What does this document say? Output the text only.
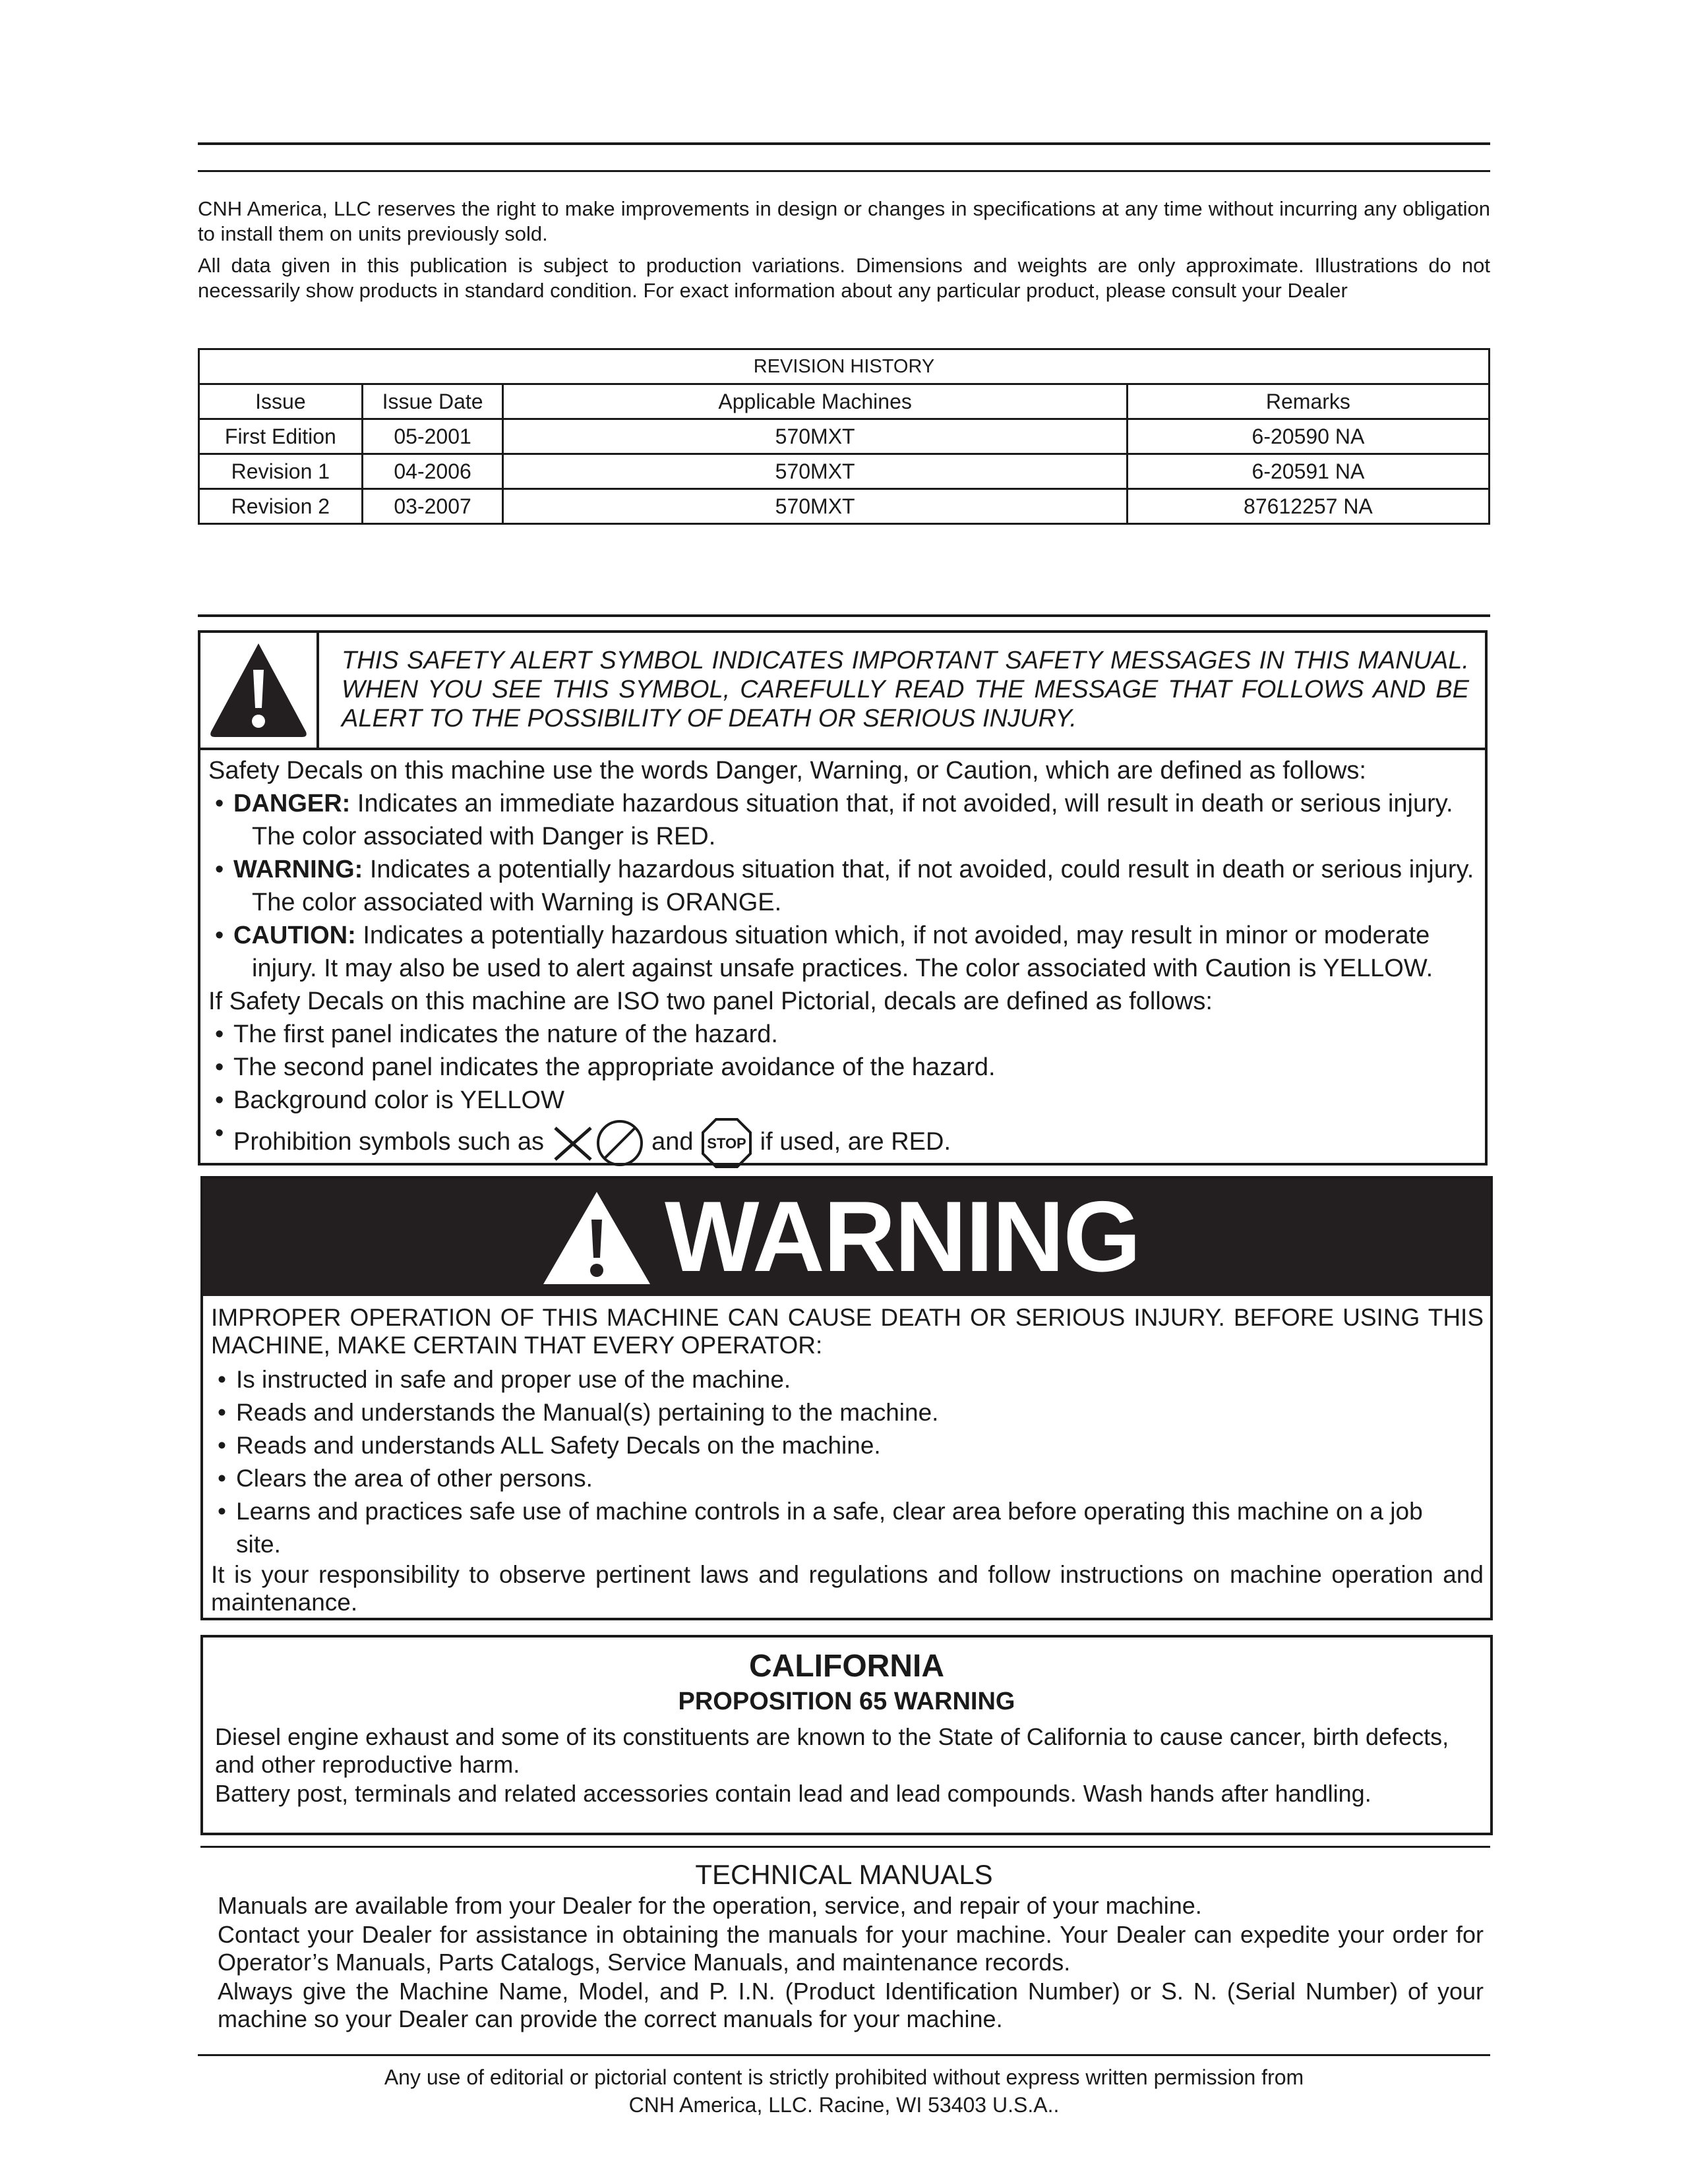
CNH America, LLC reserves the right to make improvements in design or changes in specifications at any time without incurring any obligation to install them on units previously sold.

All data given in this publication is subject to production variations. Dimensions and weights are only approximate. Illustrations do not necessarily show products in standard condition. For exact information about any particular product, please consult your Dealer

REVISION HISTORY			
Issue	Issue Date	Applicable Machines	Remarks
First Edition	05-2001	570MXT	6-20590 NA
Revision 1	04-2006	570MXT	6-20591 NA
Revision 2	03-2007	570MXT	87612257 NA
THIS SAFETY ALERT SYMBOL INDICATES IMPORTANT SAFETY MESSAGES IN THIS MANUAL. WHEN YOU SEE THIS SYMBOL, CAREFULLY READ THE MESSAGE THAT FOLLOWS AND BE ALERT TO THE POSSIBILITY OF DEATH OR SERIOUS INJURY.

Safety Decals on this machine use the words Danger, Warning, or Caution, which are defined as follows:

• DANGER: Indicates an immediate hazardous situation that, if not avoided, will result in death or serious injury.

The color associated with Danger is RED.

• WARNING: Indicates a potentially hazardous situation that, if not avoided, could result in death or serious injury.

The color associated with Warning is ORANGE.

• CAUTION: Indicates a potentially hazardous situation which, if not avoided, may result in minor or moderate

injury. It may also be used to alert against unsafe practices. The color associated with Caution is YELLOW.

If Safety Decals on this machine are ISO two panel Pictorial, decals are defined as follows:

• The first panel indicates the nature of the hazard.

• The second panel indicates the appropriate avoidance of the hazard.

• Background color is YELLOW

• Prohibition symbols such as	and STOP if used, are RED.

WARNING

IMPROPER OPERATION OF THIS MACHINE CAN CAUSE DEATH OR SERIOUS INJURY. BEFORE USING THIS MACHINE, MAKE CERTAIN THAT EVERY OPERATOR:

• Is instructed in safe and proper use of the machine.

• Reads and understands the Manual(s) pertaining to the machine.

• Reads and understands ALL Safety Decals on the machine.

• Clears the area of other persons.

• Learns and practices safe use of machine controls in a safe, clear area before operating this machine on a job site.

It is your responsibility to observe pertinent laws and regulations and follow instructions on machine operation and maintenance.

CALIFORNIA
PROPOSITION 65 WARNING

Diesel engine exhaust and some of its constituents are known to the State of California to cause cancer, birth defects, and other reproductive harm.

Battery post, terminals and related accessories contain lead and lead compounds. Wash hands after handling.

TECHNICAL MANUALS

Manuals are available from your Dealer for the operation, service, and repair of your machine.

Contact your Dealer for assistance in obtaining the manuals for your machine. Your Dealer can expedite your order for Operator’s Manuals, Parts Catalogs, Service Manuals, and maintenance records.

Always give the Machine Name, Model, and P. I.N. (Product Identification Number) or S. N. (Serial Number) of your machine so your Dealer can provide the correct manuals for your machine.

Any use of editorial or pictorial content is strictly prohibited without express written permission from
CNH America, LLC. Racine, WI 53403 U.S.A..
